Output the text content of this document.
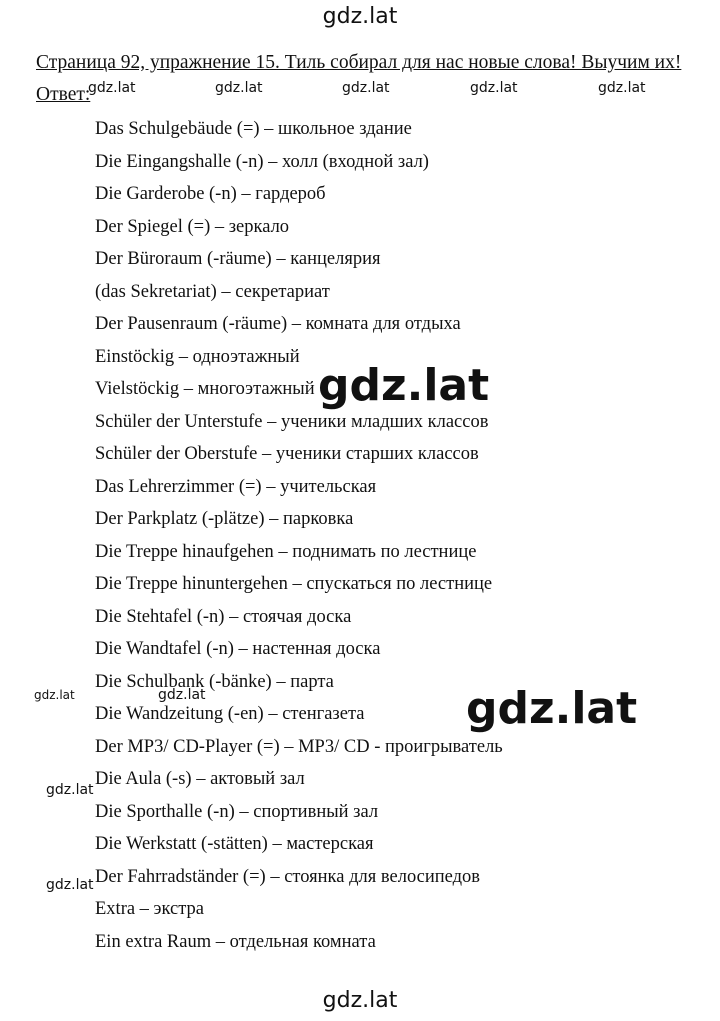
gdz.lat
Страница 92, упражнение 15. Тиль собирал для нас новые слова! Выучим их!
Ответ:
gdz.lat	gdz.lat	gdz.lat	gdz.lat	gdz.lat
Das Schulgebäude (=) – школьное здание
Die Eingangshalle (-n) – холл (входной зал)
Die Garderobe (-n) – гардероб
Der Spiegel (=) – зеркало
Der Büroraum (-räume) – канцелярия
(das Sekretariat) – секретариат
Der Pausenraum (-räume) – комната для отдыха
Einstöckig – одноэтажный
Vielstöckig – многоэтажный
Schüler der Unterstufe – ученики младших классов
Schüler der Oberstufe – ученики старших классов
Das Lehrerzimmer (=) – учительская
Der Parkplatz (-plätze) – парковка
Die Treppe hinaufgehen – поднимать по лестнице
Die Treppe hinuntergehen – спускаться по лестнице
Die Stehtafel (-n) – стоячая доска
Die Wandtafel (-n) – настенная доска
Die Schulbank (-bänke) – парта
Die Wandzeitung (-en) – стенгазета
Der MP3/ CD-Player (=) – MP3/ CD - проигрыватель
Die Aula (-s) – актовый зал
Die Sporthalle (-n) – спортивный зал
Die Werkstatt (-stätten) – мастерская
Der Fahrradständer (=) – стоянка для велосипедов
Extra – экстра
Ein extra Raum – отдельная комната
gdz.lat
gdz.lat
gdz.lat	gdz.lat
gdz.lat
gdz.lat
gdz.lat
